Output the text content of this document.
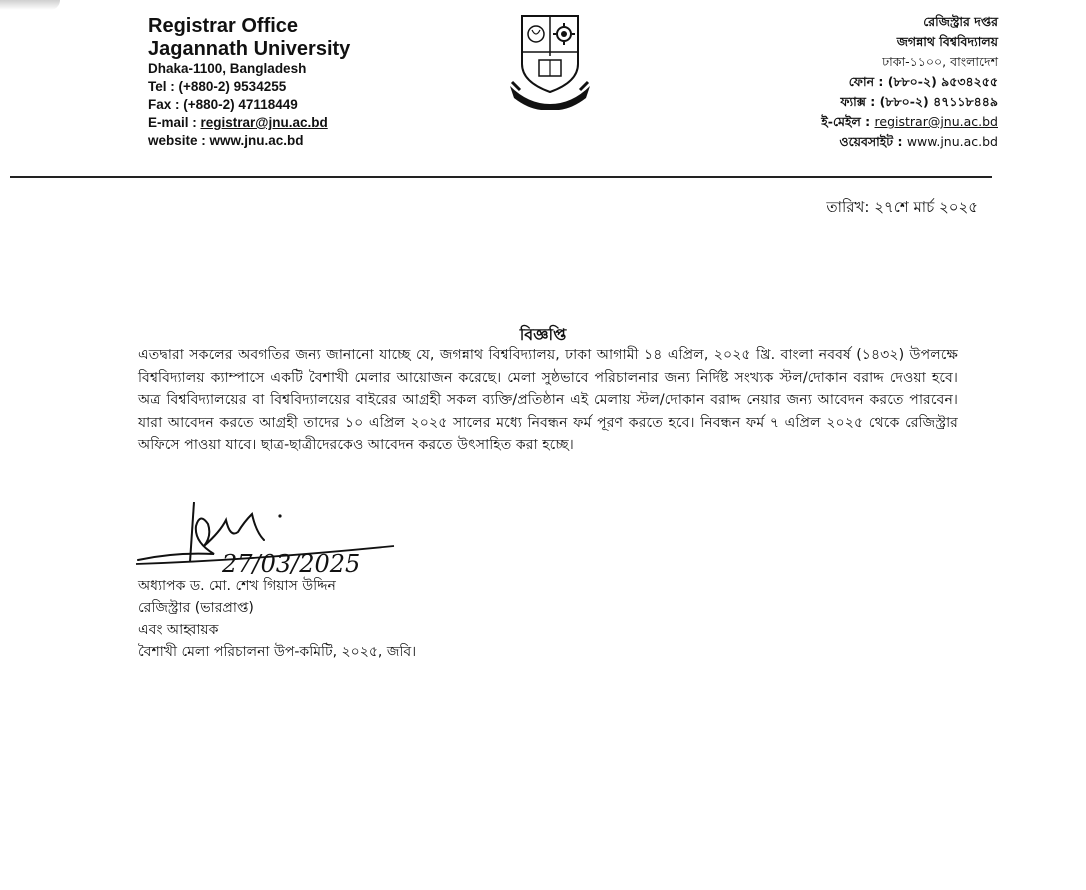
Registrar Office
Jagannath University
Dhaka-1100, Bangladesh
Tel : (+880-2) 9534255
Fax : (+880-2) 47118449
E-mail : registrar@jnu.ac.bd
website : www.jnu.ac.bd
রেজিস্ট্রার দপ্তর
জগন্নাথ বিশ্ববিদ্যালয়
ঢাকা-১১০০, বাংলাদেশ
ফোন : (৮৮০-২) ৯৫৩৪২৫৫
ফ্যাক্স : (৮৮০-২) ৪৭১১৮৪৪৯
ই-মেইল : registrar@jnu.ac.bd
ওয়েবসাইট : www.jnu.ac.bd
তারিখ: ২৭শে মার্চ ২০২৫
বিজ্ঞপ্তি
এতদ্বারা সকলের অবগতির জন্য জানানো যাচ্ছে যে, জগন্নাথ বিশ্ববিদ্যালয়, ঢাকা আগামী ১৪ এপ্রিল, ২০২৫ খ্রি. বাংলা নববর্ষ (১৪৩২) উপলক্ষে বিশ্ববিদ্যালয় ক্যাম্পাসে একটি বৈশাখী মেলার আয়োজন করেছে। মেলা সুষ্ঠভাবে পরিচালনার জন্য নির্দিষ্ট সংখ্যক স্টল/দোকান বরাদ্দ দেওয়া হবে। অত্র বিশ্ববিদ্যালয়ের বা বিশ্ববিদ্যালয়ের বাইরের আগ্রহী সকল ব্যক্তি/প্রতিষ্ঠান এই মেলায় স্টল/দোকান বরাদ্দ নেয়ার জন্য আবেদন করতে পারবেন। যারা আবেদন করতে আগ্রহী তাদের ১০ এপ্রিল ২০২৫ সালের মধ্যে নিবন্ধন ফর্ম পূরণ করতে হবে। নিবন্ধন ফর্ম ৭ এপ্রিল ২০২৫ থেকে রেজিস্ট্রার অফিসে পাওয়া যাবে। ছাত্র-ছাত্রীদেরকেও আবেদন করতে উৎসাহিত করা হচ্ছে।
27/03/2025
অধ্যাপক ড. মো. শেখ গিয়াস উদ্দিন
রেজিস্ট্রার (ভারপ্রাপ্ত)
এবং আহ্বায়ক
বৈশাখী মেলা পরিচালনা উপ-কমিটি, ২০২৫, জবি।
